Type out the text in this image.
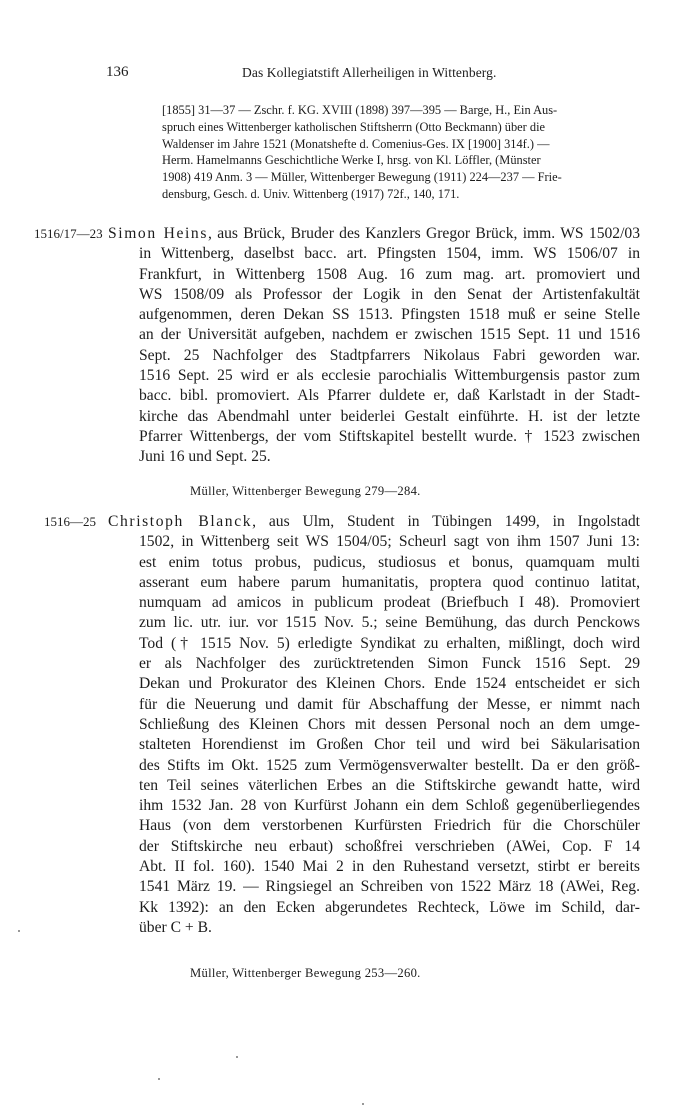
136	Das Kollegiatstift Allerheiligen in Wittenberg.
[1855] 31—37 — Zschr. f. KG. XVIII (1898) 397—395 — Barge, H., Ein Aus-
spruch eines Wittenberger katholischen Stiftsherrn (Otto Beckmann) über die
Waldenser im Jahre 1521 (Monatshefte d. Comenius-Ges. IX [1900] 314f.) —
Herm. Hamelmanns Geschichtliche Werke I, hrsg. von Kl. Löffler, (Münster
1908) 419 Anm. 3 — Müller, Wittenberger Bewegung (1911) 224—237 — Frie-
densburg, Gesch. d. Univ. Wittenberg (1917) 72f., 140, 171.
1516/17—23 Simon Heins, aus Brück, Bruder des Kanzlers Gregor Brück, imm. WS 1502/03
in Wittenberg, daselbst bacc. art. Pfingsten 1504, imm. WS 1506/07 in
Frankfurt, in Wittenberg 1508 Aug. 16 zum mag. art. promoviert und
WS 1508/09 als Professor der Logik in den Senat der Artistenfakultät
aufgenommen, deren Dekan SS 1513. Pfingsten 1518 muß er seine Stelle
an der Universität aufgeben, nachdem er zwischen 1515 Sept. 11 und 1516
Sept. 25 Nachfolger des Stadtpfarrers Nikolaus Fabri geworden war.
1516 Sept. 25 wird er als ecclesie parochialis Wittemburgensis pastor zum
bacc. bibl. promoviert. Als Pfarrer duldete er, daß Karlstadt in der Stadt-
kirche das Abendmahl unter beiderlei Gestalt einführte. H. ist der letzte
Pfarrer Wittenbergs, der vom Stiftskapitel bestellt wurde. † 1523 zwischen
Juni 16 und Sept. 25.
Müller, Wittenberger Bewegung 279—284.
1516—25 Christoph Blanck, aus Ulm, Student in Tübingen 1499, in Ingolstadt
1502, in Wittenberg seit WS 1504/05; Scheurl sagt von ihm 1507 Juni 13:
est enim totus probus, pudicus, studiosus et bonus, quamquam multi
asserant eum habere parum humanitatis, proptera quod continuo latitat,
numquam ad amicos in publicum prodeat (Briefbuch I 48). Promoviert
zum lic. utr. iur. vor 1515 Nov. 5.; seine Bemühung, das durch Penckows
Tod († 1515 Nov. 5) erledigte Syndikat zu erhalten, mißlingt, doch wird
er als Nachfolger des zurücktretenden Simon Funck 1516 Sept. 29
Dekan und Prokurator des Kleinen Chors. Ende 1524 entscheidet er sich
für die Neuerung und damit für Abschaffung der Messe, er nimmt nach
Schließung des Kleinen Chors mit dessen Personal noch an dem umge-
stalteten Horendienst im Großen Chor teil und wird bei Säkularisation
des Stifts im Okt. 1525 zum Vermögensverwalter bestellt. Da er den größ-
ten Teil seines väterlichen Erbes an die Stiftskirche gewandt hatte, wird
ihm 1532 Jan. 28 von Kurfürst Johann ein dem Schloß gegenüberliegendes
Haus (von dem verstorbenen Kurfürsten Friedrich für die Chorschüler
der Stiftskirche neu erbaut) schoßfrei verschrieben (AWei, Cop. F 14
Abt. II fol. 160). 1540 Mai 2 in den Ruhestand versetzt, stirbt er bereits
1541 März 19. — Ringsiegel an Schreiben von 1522 März 18 (AWei, Reg.
Kk 1392): an den Ecken abgerundetes Rechteck, Löwe im Schild, dar-
über C + B.
Müller, Wittenberger Bewegung 253—260.
